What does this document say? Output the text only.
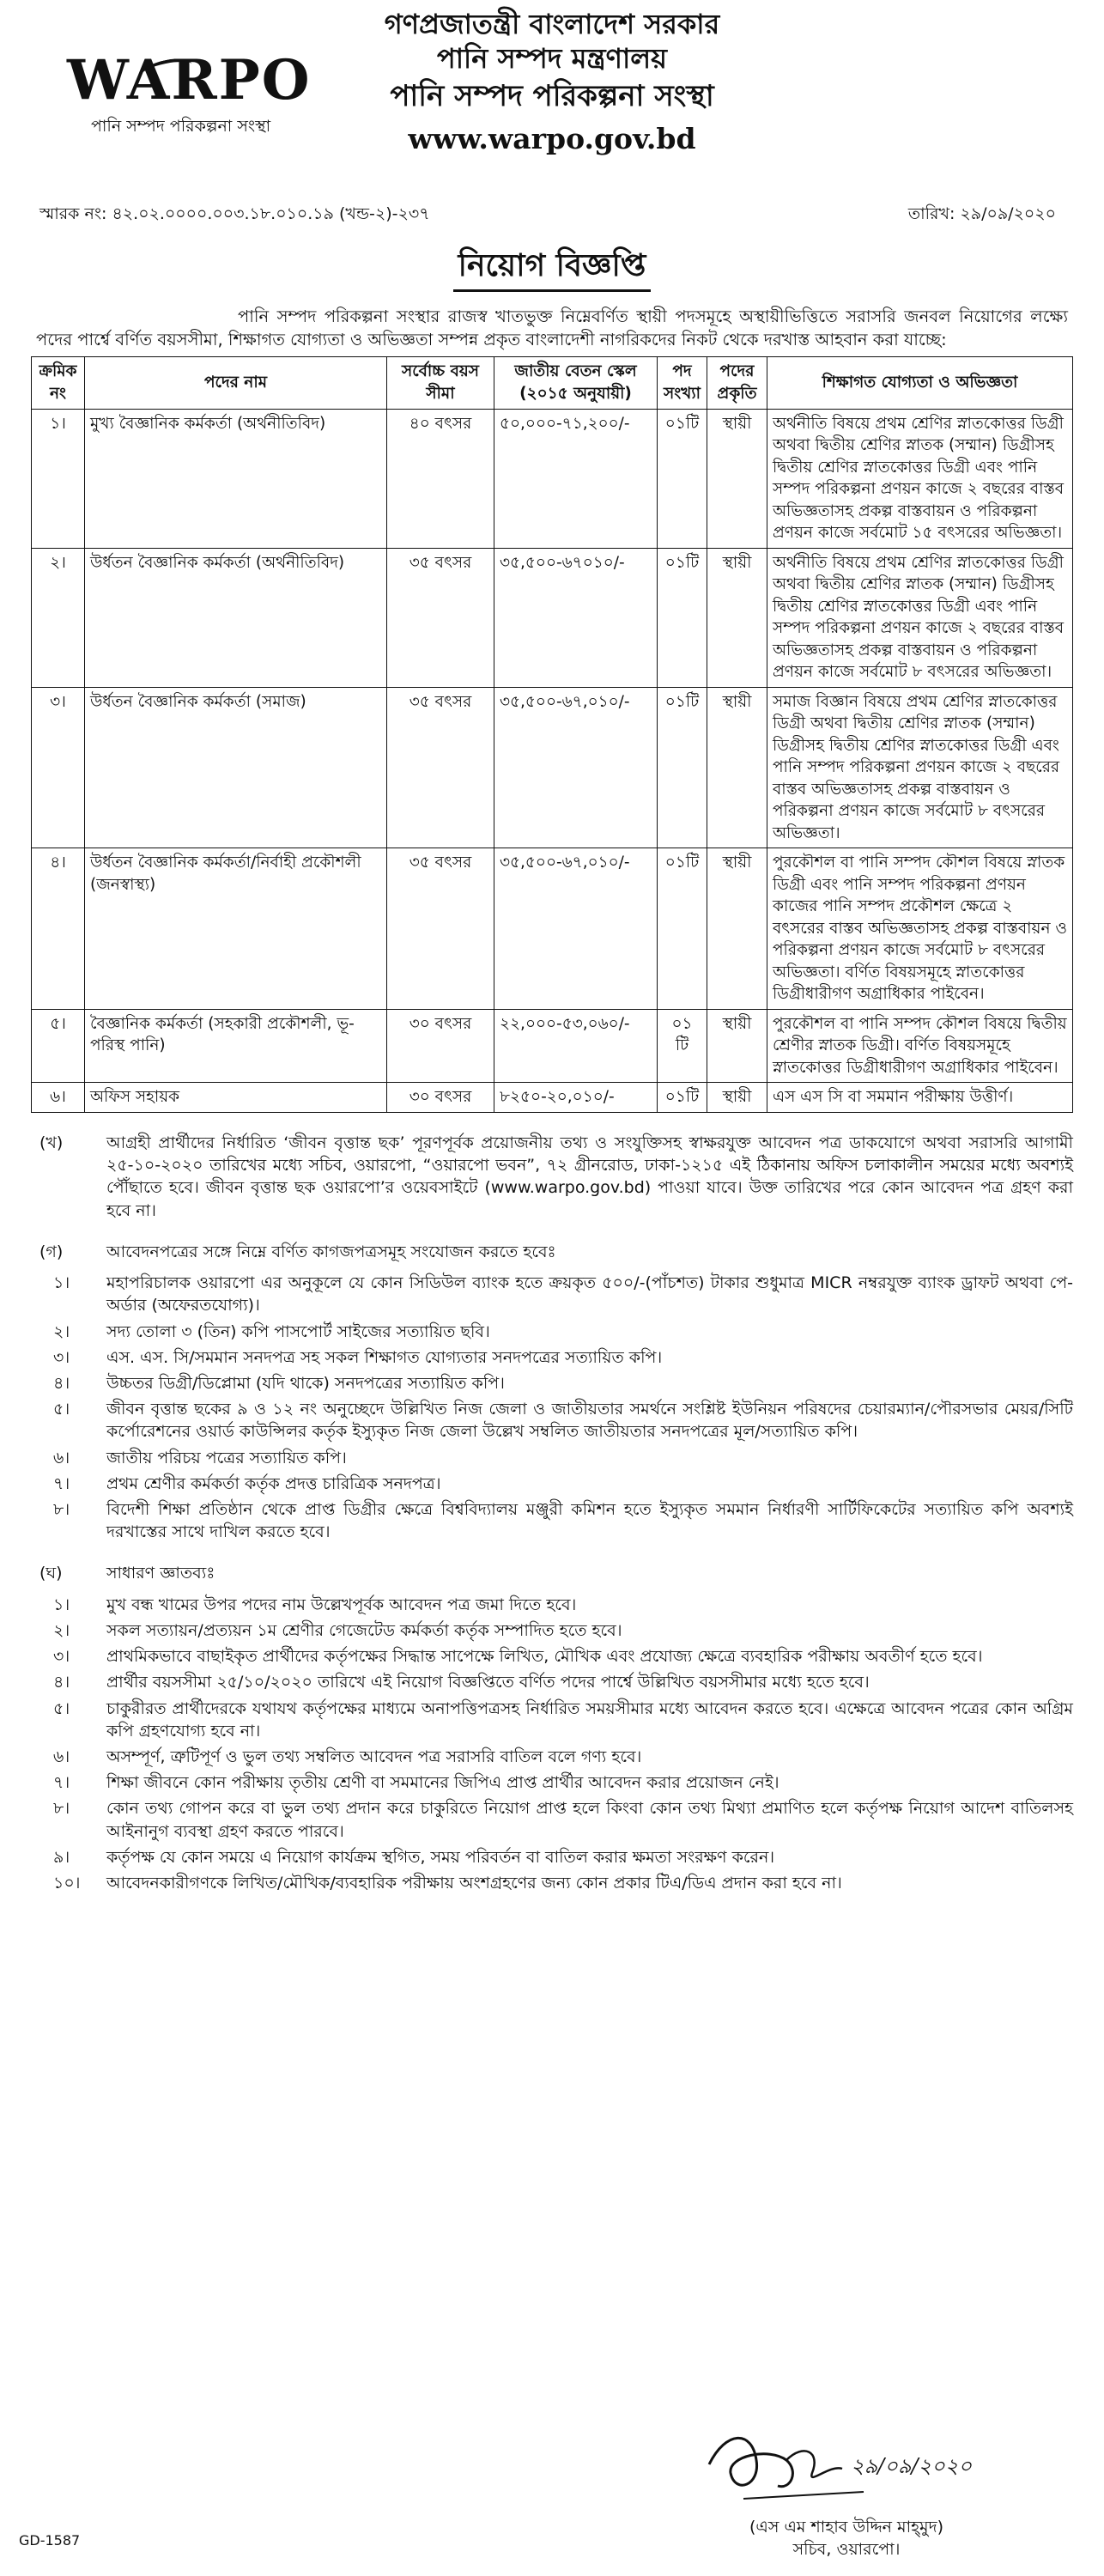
গণপ্রজাতন্ত্রী বাংলাদেশ সরকার
পানি সম্পদ মন্ত্রণালয়
পানি সম্পদ পরিকল্পনা সংস্থা
www.warpo.gov.bd
WARPO
পানি সম্পদ পরিকল্পনা সংস্থা
স্মারক নং: ৪২.০২.০০০০.০০৩.১৮.০১০.১৯ (খন্ড-২)-২৩৭	তারিখ: ২৯/০৯/২০২০
নিয়োগ বিজ্ঞপ্তি

পানি সম্পদ পরিকল্পনা সংস্থার রাজস্ব খাতভুক্ত নিম্নেবর্ণিত স্থায়ী পদসমূহে অস্থায়ীভিত্তিতে সরাসরি জনবল নিয়োগের লক্ষ্যে পদের পার্শ্বে বর্ণিত বয়সসীমা, শিক্ষাগত যোগ্যতা ও অভিজ্ঞতা সম্পন্ন প্রকৃত বাংলাদেশী নাগরিকদের নিকট থেকে দরখাস্ত আহবান করা যাচ্ছে:

ক্রমিক নং	পদের নাম	সর্বোচ্চ বয়স সীমা	জাতীয় বেতন স্কেল (২০১৫ অনুযায়ী)	পদ সংখ্যা	পদের প্রকৃতি	শিক্ষাগত যোগ্যতা ও অভিজ্ঞতা
১।	মুখ্য বৈজ্ঞানিক কর্মকর্তা (অর্থনীতিবিদ)	৪০ বৎসর	৫০,০০০-৭১,২০০/-	০১টি	স্থায়ী	অর্থনীতি বিষয়ে প্রথম শ্রেণির স্নাতকোত্তর ডিগ্রী অথবা দ্বিতীয় শ্রেণির স্নাতক (সম্মান) ডিগ্রীসহ দ্বিতীয় শ্রেণির স্নাতকোত্তর ডিগ্রী এবং পানি সম্পদ পরিকল্পনা প্রণয়ন কাজে ২ বছরের বাস্তব অভিজ্ঞতাসহ প্রকল্প বাস্তবায়ন ও পরিকল্পনা প্রণয়ন কাজে সর্বমোট ১৫ বৎসরের অভিজ্ঞতা।
২।	উর্ধতন বৈজ্ঞানিক কর্মকর্তা (অর্থনীতিবিদ)	৩৫ বৎসর	৩৫,৫০০-৬৭০১০/-	০১টি	স্থায়ী	অর্থনীতি বিষয়ে প্রথম শ্রেণির স্নাতকোত্তর ডিগ্রী অথবা দ্বিতীয় শ্রেণির স্নাতক (সম্মান) ডিগ্রীসহ দ্বিতীয় শ্রেণির স্নাতকোত্তর ডিগ্রী এবং পানি সম্পদ পরিকল্পনা প্রণয়ন কাজে ২ বছরের বাস্তব অভিজ্ঞতাসহ প্রকল্প বাস্তবায়ন ও পরিকল্পনা প্রণয়ন কাজে সর্বমোট ৮ বৎসরের অভিজ্ঞতা।
৩।	উর্ধতন বৈজ্ঞানিক কর্মকর্তা (সমাজ)	৩৫ বৎসর	৩৫,৫০০-৬৭,০১০/-	০১টি	স্থায়ী	সমাজ বিজ্ঞান বিষয়ে প্রথম শ্রেণির স্নাতকোত্তর ডিগ্রী অথবা দ্বিতীয় শ্রেণির স্নাতক (সম্মান) ডিগ্রীসহ দ্বিতীয় শ্রেণির স্নাতকোত্তর ডিগ্রী এবং পানি সম্পদ পরিকল্পনা প্রণয়ন কাজে ২ বছরের বাস্তব অভিজ্ঞতাসহ প্রকল্প বাস্তবায়ন ও পরিকল্পনা প্রণয়ন কাজে সর্বমোট ৮ বৎসরের অভিজ্ঞতা।
৪।	উর্ধতন বৈজ্ঞানিক কর্মকর্তা/নির্বাহী প্রকৌশলী (জনস্বাস্থ্য)	৩৫ বৎসর	৩৫,৫০০-৬৭,০১০/-	০১টি	স্থায়ী	পুরকৌশল বা পানি সম্পদ কৌশল বিষয়ে স্নাতক ডিগ্রী এবং পানি সম্পদ পরিকল্পনা প্রণয়ন কাজের পানি সম্পদ প্রকৌশল ক্ষেত্রে ২ বৎসরের বাস্তব অভিজ্ঞতাসহ প্রকল্প বাস্তবায়ন ও পরিকল্পনা প্রণয়ন কাজে সর্বমোট ৮ বৎসরের অভিজ্ঞতা। বর্ণিত বিষয়সমূহে স্নাতকোত্তর ডিগ্রীধারীগণ অগ্রাধিকার পাইবেন।
৫।	বৈজ্ঞানিক কর্মকর্তা (সহকারী প্রকৌশলী, ভূ-পরিস্থ পানি)	৩০ বৎসর	২২,০০০-৫৩,০৬০/-	০১ টি	স্থায়ী	পুরকৌশল বা পানি সম্পদ কৌশল বিষয়ে দ্বিতীয় শ্রেণীর স্নাতক ডিগ্রী। বর্ণিত বিষয়সমূহে স্নাতকোত্তর ডিগ্রীধারীগণ অগ্রাধিকার পাইবেন।
৬।	অফিস সহায়ক	৩০ বৎসর	৮২৫০-২০,০১০/-	০১টি	স্থায়ী	এস এস সি বা সমমান পরীক্ষায় উত্তীর্ণ।
(খ)	আগ্রহী প্রার্থীদের নির্ধারিত ‘জীবন বৃত্তান্ত ছক’ পূরণপূর্বক প্রয়োজনীয় তথ্য ও সংযুক্তিসহ স্বাক্ষরযুক্ত আবেদন পত্র ডাকযোগে অথবা সরাসরি আগামী ২৫-১০-২০২০ তারিখের মধ্যে সচিব, ওয়ারপো, “ওয়ারপো ভবন”, ৭২ গ্রীনরোড, ঢাকা-১২১৫ এই ঠিকানায় অফিস চলাকালীন সময়ের মধ্যে অবশ্যই পৌঁছাতে হবে। জীবন বৃত্তান্ত ছক ওয়ারপো’র ওয়েবসাইটে (www.warpo.gov.bd) পাওয়া যাবে। উক্ত তারিখের পরে কোন আবেদন পত্র গ্রহণ করা হবে না।
(গ)	আবেদনপত্রের সঙ্গে নিম্নে বর্ণিত কাগজপত্রসমূহ সংযোজন করতে হবেঃ
১।	মহাপরিচালক ওয়ারপো এর অনুকূলে যে কোন সিডিউল ব্যাংক হতে ক্রয়কৃত ৫০০/-(পাঁচশত) টাকার শুধুমাত্র MICR নম্বরযুক্ত ব্যাংক ড্রাফট অথবা পে-অর্ডার (অফেরতযোগ্য)।
২।	সদ্য তোলা ৩ (তিন) কপি পাসপোর্ট সাইজের সত্যায়িত ছবি।
৩।	এস. এস. সি/সমমান সনদপত্র সহ সকল শিক্ষাগত যোগ্যতার সনদপত্রের সত্যায়িত কপি।
৪।	উচ্চতর ডিগ্রী/ডিপ্লোমা (যদি থাকে) সনদপত্রের সত্যায়িত কপি।
৫।	জীবন বৃত্তান্ত ছকের ৯ ও ১২ নং অনুচ্ছেদে উল্লিখিত নিজ জেলা ও জাতীয়তার সমর্থনে সংশ্লিষ্ট ইউনিয়ন পরিষদের চেয়ারম্যান/পৌরসভার মেয়র/সিটি কর্পোরেশনের ওয়ার্ড কাউন্সিলর কর্তৃক ইস্যুকৃত নিজ জেলা উল্লেখ সম্বলিত জাতীয়তার সনদপত্রের মূল/সত্যায়িত কপি।
৬।	জাতীয় পরিচয় পত্রের সত্যায়িত কপি।
৭।	প্রথম শ্রেণীর কর্মকর্তা কর্তৃক প্রদত্ত চারিত্রিক সনদপত্র।
৮।	বিদেশী শিক্ষা প্রতিষ্ঠান থেকে প্রাপ্ত ডিগ্রীর ক্ষেত্রে বিশ্ববিদ্যালয় মঞ্জুরী কমিশন হতে ইস্যুকৃত সমমান নির্ধারণী সার্টিফিকেটের সত্যায়িত কপি অবশ্যই দরখাস্তের সাথে দাখিল করতে হবে।
(ঘ)	সাধারণ জ্ঞাতব্যঃ
১।	মুখ বন্ধ খামের উপর পদের নাম উল্লেখপূর্বক আবেদন পত্র জমা দিতে হবে।
২।	সকল সত্যায়ন/প্রত্যয়ন ১ম শ্রেণীর গেজেটেড কর্মকর্তা কর্তৃক সম্পাদিত হতে হবে।
৩।	প্রাথমিকভাবে বাছাইকৃত প্রার্থীদের কর্তৃপক্ষের সিদ্ধান্ত সাপেক্ষে লিখিত, মৌখিক এবং প্রযোজ্য ক্ষেত্রে ব্যবহারিক পরীক্ষায় অবতীর্ণ হতে হবে।
৪।	প্রার্থীর বয়সসীমা ২৫/১০/২০২০ তারিখে এই নিয়োগ বিজ্ঞপ্তিতে বর্ণিত পদের পার্শ্বে উল্লিখিত বয়সসীমার মধ্যে হতে হবে।
৫।	চাকুরীরত প্রার্থীদেরকে যথাযথ কর্তৃপক্ষের মাধ্যমে অনাপত্তিপত্রসহ নির্ধারিত সময়সীমার মধ্যে আবেদন করতে হবে। এক্ষেত্রে আবেদন পত্রের কোন অগ্রিম কপি গ্রহণযোগ্য হবে না।
৬।	অসম্পূর্ণ, ত্রুটিপূর্ণ ও ভুল তথ্য সম্বলিত আবেদন পত্র সরাসরি বাতিল বলে গণ্য হবে।
৭।	শিক্ষা জীবনে কোন পরীক্ষায় তৃতীয় শ্রেণী বা সমমানের জিপিএ প্রাপ্ত প্রার্থীর আবেদন করার প্রয়োজন নেই।
৮।	কোন তথ্য গোপন করে বা ভুল তথ্য প্রদান করে চাকুরিতে নিয়োগ প্রাপ্ত হলে কিংবা কোন তথ্য মিথ্যা প্রমাণিত হলে কর্তৃপক্ষ নিয়োগ আদেশ বাতিলসহ আইনানুগ ব্যবস্থা গ্রহণ করতে পারবে।
৯।	কর্তৃপক্ষ যে কোন সময়ে এ নিয়োগ কার্যক্রম স্থগিত, সময় পরিবর্তন বা বাতিল করার ক্ষমতা সংরক্ষণ করেন।
১০।	আবেদনকারীগণকে লিখিত/মৌখিক/ব্যবহারিক পরীক্ষায় অংশগ্রহণের জন্য কোন প্রকার টিএ/ডিএ প্রদান করা হবে না।
২৯/০৯/২০২০
(এস এম শাহাব উদ্দিন মাহ্‌মুদ)
সচিব, ওয়ারপো।
GD-1587
